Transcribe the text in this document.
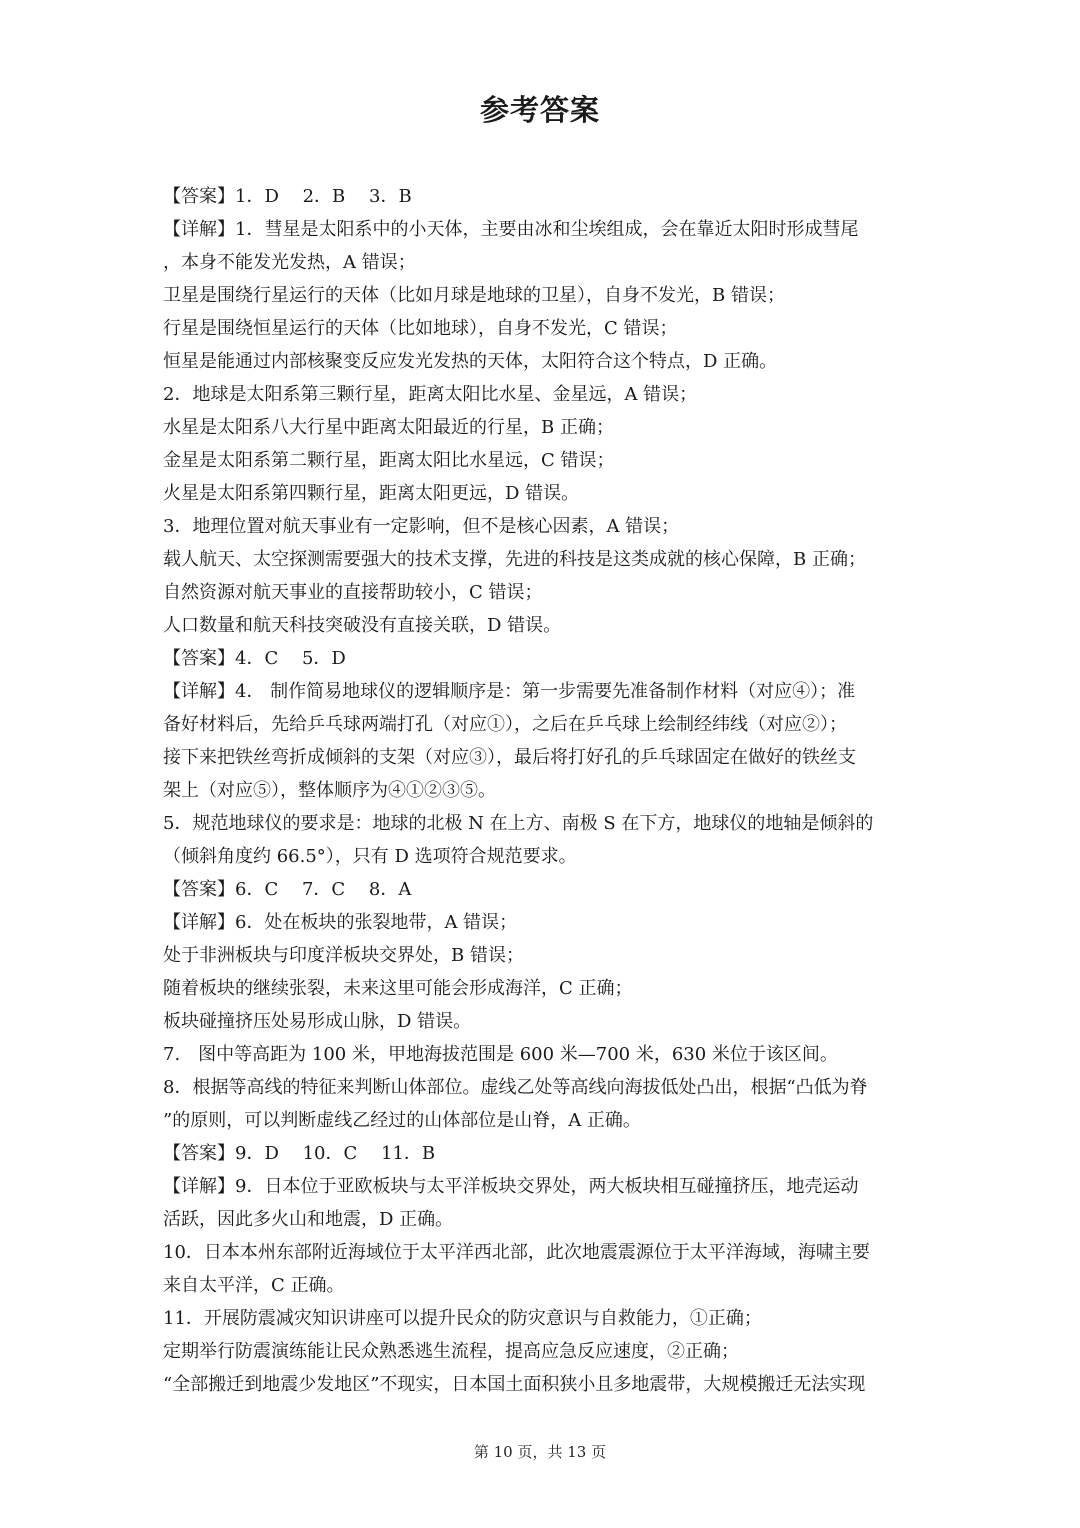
参考答案
【答案】1．D　 2．B　 3．B
【详解】1．彗星是太阳系中的小天体，主要由冰和尘埃组成，会在靠近太阳时形成彗尾
，本身不能发光发热，A 错误；
卫星是围绕行星运行的天体（比如月球是地球的卫星），自身不发光，B 错误；
行星是围绕恒星运行的天体（比如地球），自身不发光，C 错误；
恒星是能通过内部核聚变反应发光发热的天体，太阳符合这个特点，D 正确。
2．地球是太阳系第三颗行星，距离太阳比水星、金星远，A 错误；
水星是太阳系八大行星中距离太阳最近的行星，B 正确；
金星是太阳系第二颗行星，距离太阳比水星远，C 错误；
火星是太阳系第四颗行星，距离太阳更远，D 错误。
3．地理位置对航天事业有一定影响，但不是核心因素，A 错误；
载人航天、太空探测需要强大的技术支撑，先进的科技是这类成就的核心保障，B 正确；
自然资源对航天事业的直接帮助较小，C 错误；
人口数量和航天科技突破没有直接关联，D 错误。
【答案】4．C　 5．D
【详解】4． 制作简易地球仪的逻辑顺序是：第一步需要先准备制作材料（对应④）；准
备好材料后，先给乒乓球两端打孔（对应①），之后在乒乓球上绘制经纬线（对应②）；
接下来把铁丝弯折成倾斜的支架（对应③），最后将打好孔的乒乓球固定在做好的铁丝支
架上（对应⑤），整体顺序为④①②③⑤。
5．规范地球仪的要求是：地球的北极 N 在上方、南极 S 在下方，地球仪的地轴是倾斜的
（倾斜角度约 66.5°），只有 D 选项符合规范要求。
【答案】6．C　 7．C　 8．A
【详解】6．处在板块的张裂地带，A 错误；
处于非洲板块与印度洋板块交界处，B 错误；
随着板块的继续张裂，未来这里可能会形成海洋，C 正确；
板块碰撞挤压处易形成山脉，D 错误。
7.　图中等高距为 100 米，甲地海拔范围是 600 米—700 米，630 米位于该区间。
8．根据等高线的特征来判断山体部位。虚线乙处等高线向海拔低处凸出，根据“凸低为脊
”的原则，可以判断虚线乙经过的山体部位是山脊，A 正确。
【答案】9．D　 10．C　 11．B
【详解】9．日本位于亚欧板块与太平洋板块交界处，两大板块相互碰撞挤压，地壳运动
活跃，因此多火山和地震，D 正确。
10．日本本州东部附近海域位于太平洋西北部，此次地震震源位于太平洋海域，海啸主要
来自太平洋，C 正确。
11．开展防震减灾知识讲座可以提升民众的防灾意识与自救能力，①正确；
定期举行防震演练能让民众熟悉逃生流程，提高应急反应速度，②正确；
“全部搬迁到地震少发地区”不现实，日本国土面积狭小且多地震带，大规模搬迁无法实现
第 10 页，共 13 页
